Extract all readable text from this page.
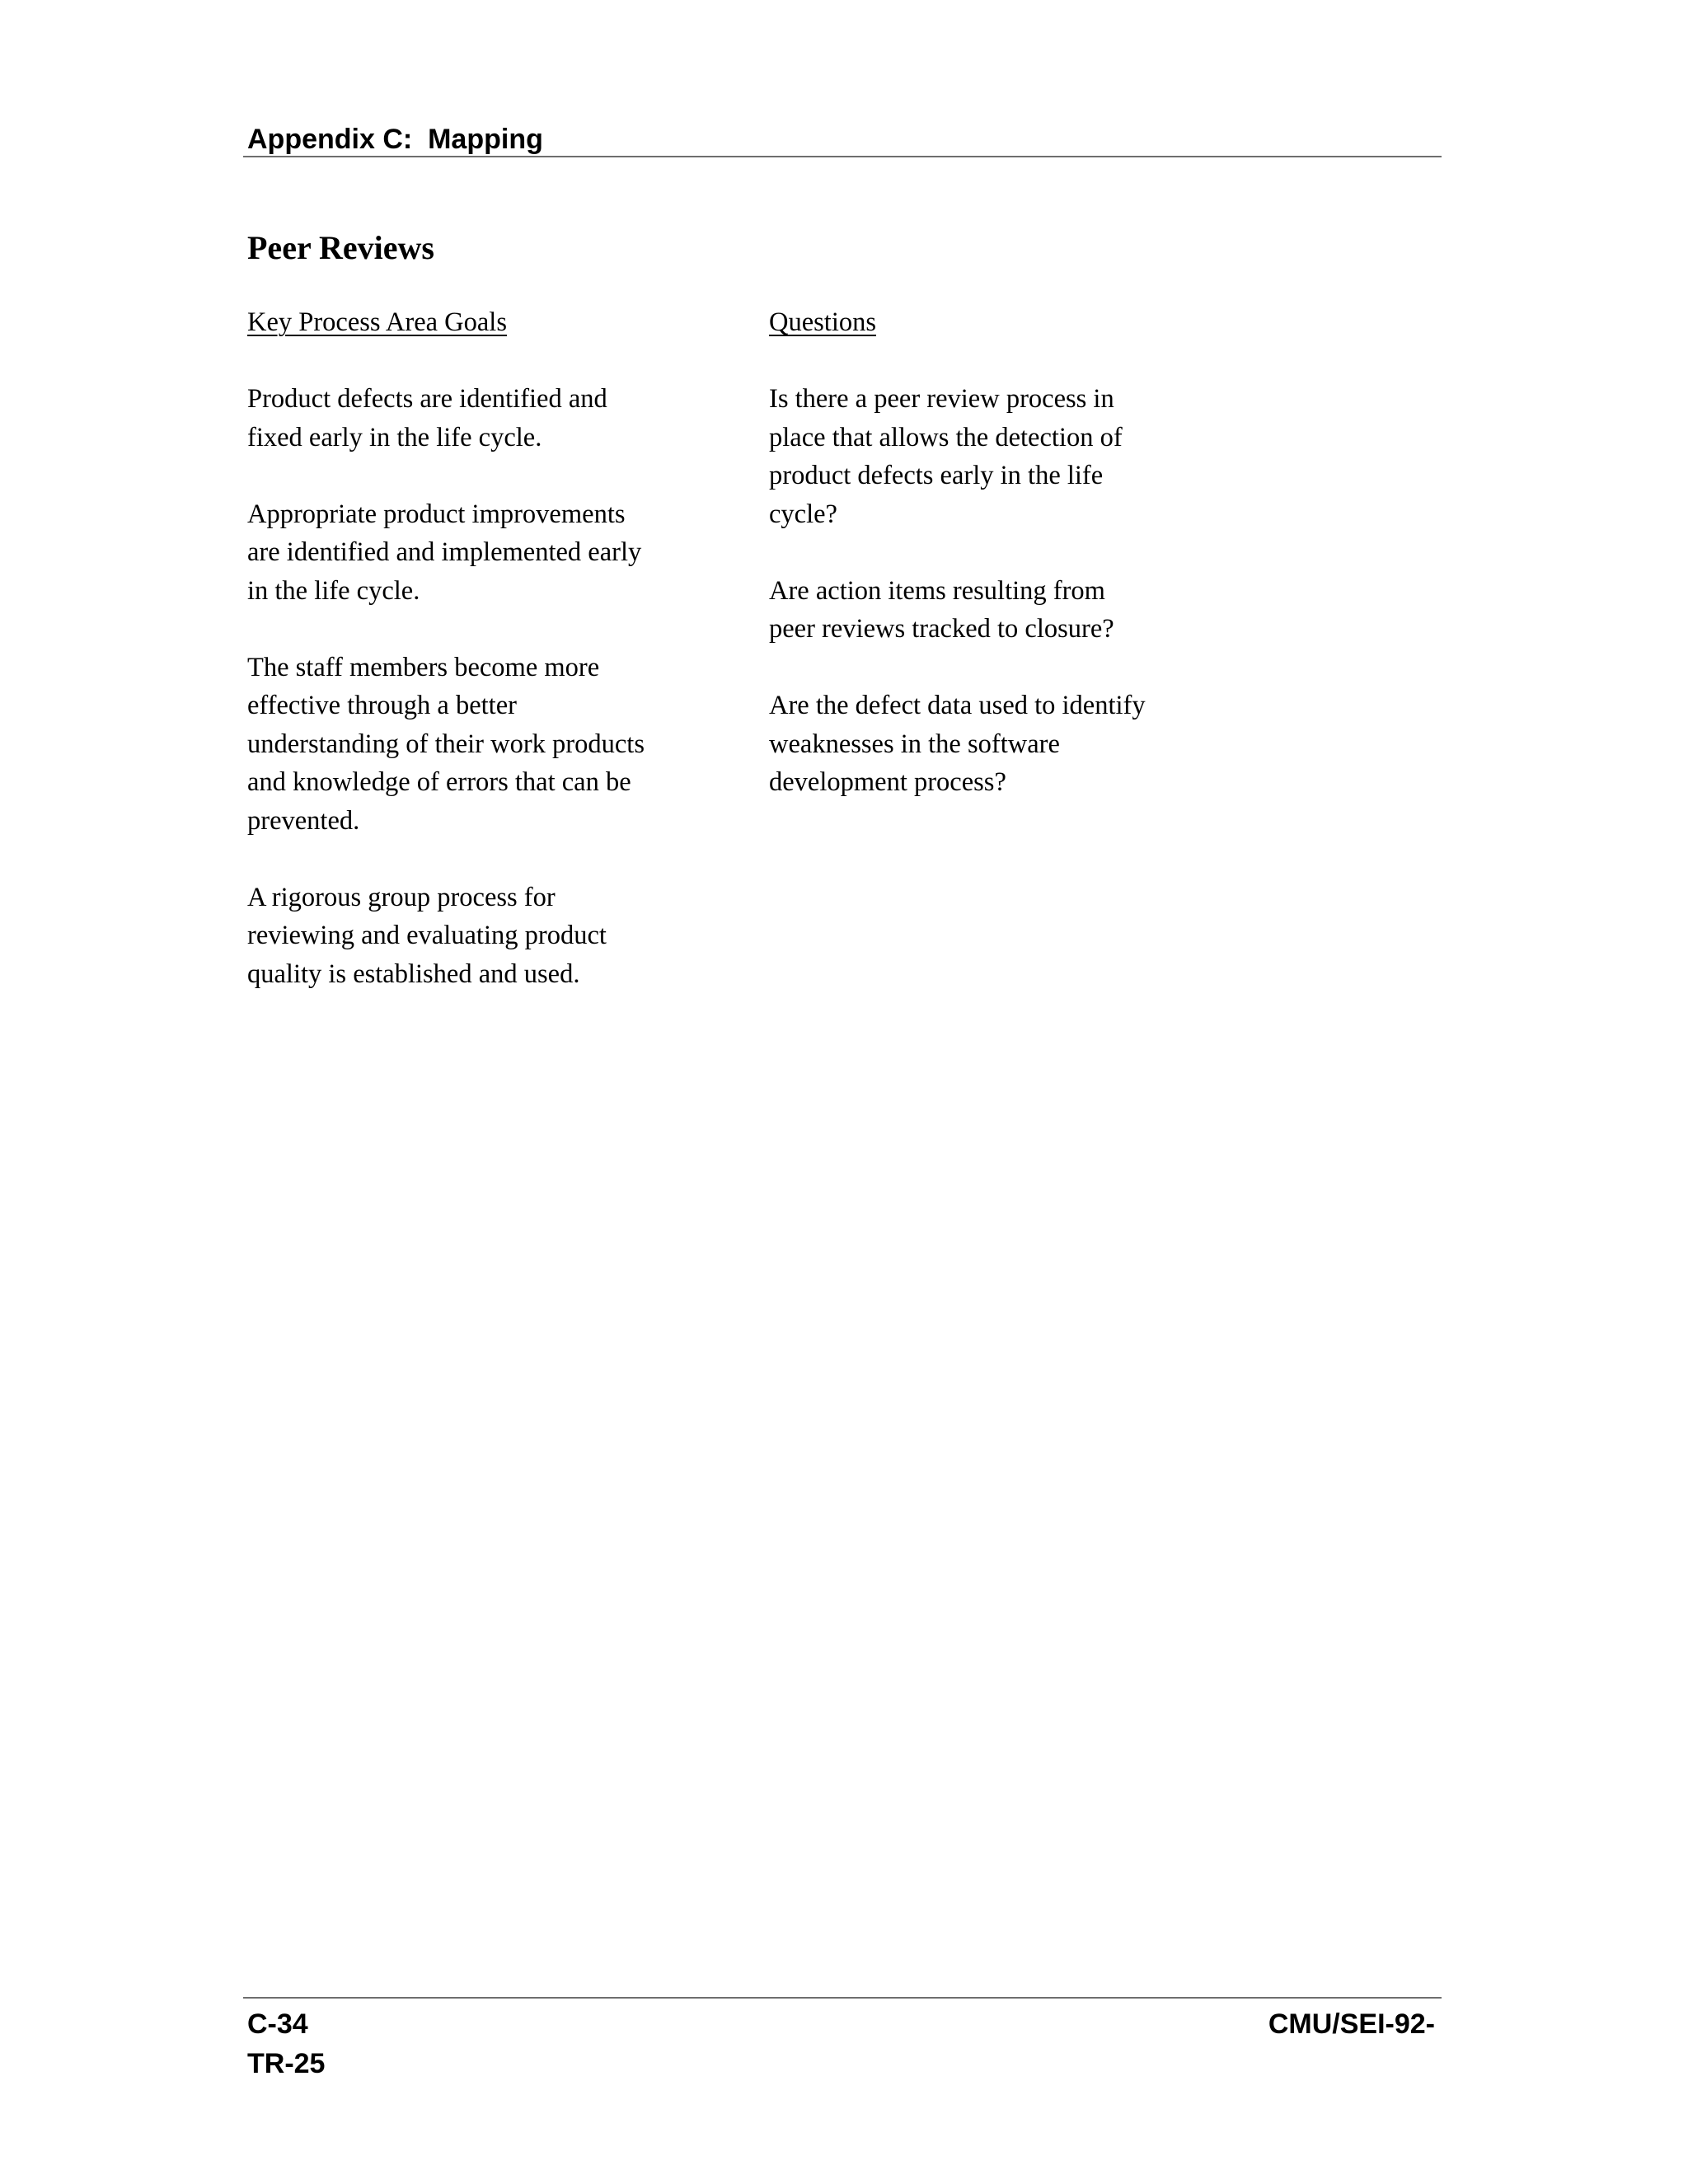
Appendix C:  Mapping
Peer Reviews
Key Process Area Goals
Product defects are identified and
fixed early in the life cycle.
Appropriate product improvements
are identified and implemented early
in the life cycle.
The staff members become more
effective through a better
understanding of their work products
and knowledge of errors that can be
prevented.
A rigorous group process for
reviewing and evaluating product
quality is established and used.
Questions
Is there a peer review process in
place that allows the detection of
product defects early in the life
cycle?
Are action items resulting from
peer reviews tracked to closure?
Are the defect data used to identify
weaknesses in the software
development process?
C-34
TR-25
CMU/SEI-92-
